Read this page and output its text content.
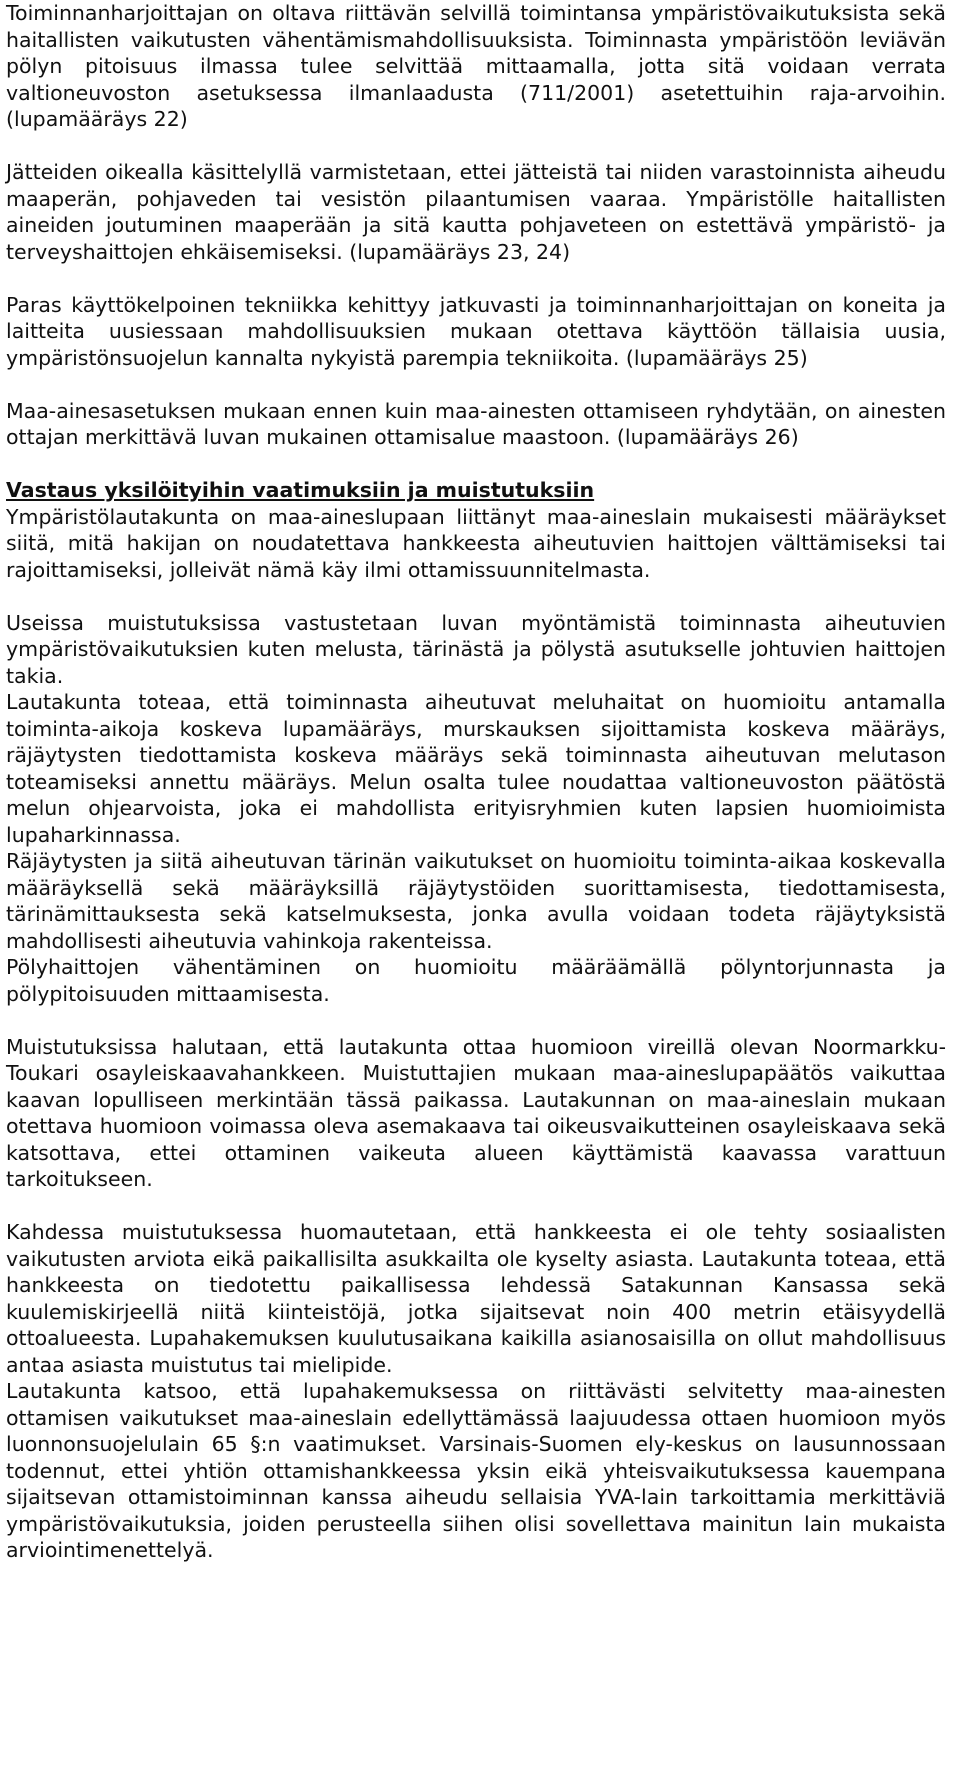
Toiminnanharjoittajan on oltava riittävän selvillä toimintansa ympäristövaikutuksista sekä haitallisten vaikutusten vähentämismahdollisuuksista. Toiminnasta ympäristöön leviävän pölyn pitoisuus ilmassa tulee selvittää mittaamalla, jotta sitä voidaan verrata valtioneuvoston asetuksessa ilmanlaadusta (711/2001) asetettuihin raja-arvoihin. (lupamääräys 22)

Jätteiden oikealla käsittelyllä varmistetaan, ettei jätteistä tai niiden varastoinnista aiheudu maaperän, pohjaveden tai vesistön pilaantumisen vaaraa. Ympäristölle haitallisten aineiden joutuminen maaperään ja sitä kautta pohjaveteen on estettävä ympäristö- ja terveyshaittojen ehkäisemiseksi. (lupamääräys 23, 24)

Paras käyttökelpoinen tekniikka kehittyy jatkuvasti ja toiminnanharjoittajan on koneita ja laitteita uusiessaan mahdollisuuksien mukaan otettava käyttöön tällaisia uusia, ympäristönsuojelun kannalta nykyistä parempia tekniikoita. (lupamääräys 25)

Maa-ainesasetuksen mukaan ennen kuin maa-ainesten ottamiseen ryhdytään, on ainesten ottajan merkittävä luvan mukainen ottamisalue maastoon. (lupamääräys 26)

Vastaus yksilöityihin vaatimuksiin ja muistutuksiin

Ympäristölautakunta on maa-aineslupaan liittänyt maa-aineslain mukaisesti määräykset siitä, mitä hakijan on noudatettava hankkeesta aiheutuvien haittojen välttämiseksi tai rajoittamiseksi, jolleivät nämä käy ilmi ottamissuunnitelmasta.

Useissa muistutuksissa vastustetaan luvan myöntämistä toiminnasta aiheutuvien ympäristövaikutuksien kuten melusta, tärinästä ja pölystä asutukselle johtuvien haittojen takia.

Lautakunta toteaa, että toiminnasta aiheutuvat meluhaitat on huomioitu antamalla toiminta-aikoja koskeva lupamääräys, murskauksen sijoittamista koskeva määräys, räjäytysten tiedottamista koskeva määräys sekä toiminnasta aiheutuvan melutason toteamiseksi annettu määräys. Melun osalta tulee noudattaa valtioneuvoston päätöstä melun ohjearvoista, joka ei mahdollista erityisryhmien kuten lapsien huomioimista lupaharkinnassa.

Räjäytysten ja siitä aiheutuvan tärinän vaikutukset on huomioitu toiminta-aikaa koskevalla määräyksellä sekä määräyksillä räjäytystöiden suorittamisesta, tiedottamisesta, tärinämittauksesta sekä katselmuksesta, jonka avulla voidaan todeta räjäytyksistä mahdollisesti aiheutuvia vahinkoja rakenteissa.

Pölyhaittojen vähentäminen on huomioitu määräämällä pölyntorjunnasta ja pölypitoisuuden mittaamisesta.

Muistutuksissa halutaan, että lautakunta ottaa huomioon vireillä olevan Noormarkku-Toukari osayleiskaavahankkeen. Muistuttajien mukaan maa-aineslupapäätös vaikuttaa kaavan lopulliseen merkintään tässä paikassa. Lautakunnan on maa-aineslain mukaan otettava huomioon voimassa oleva asemakaava tai oikeusvaikutteinen osayleiskaava sekä katsottava, ettei ottaminen vaikeuta alueen käyttämistä kaavassa varattuun tarkoitukseen.

Kahdessa muistutuksessa huomautetaan, että hankkeesta ei ole tehty sosiaalisten vaikutusten arviota eikä paikallisilta asukkailta ole kyselty asiasta. Lautakunta toteaa, että hankkeesta on tiedotettu paikallisessa lehdessä Satakunnan Kansassa sekä kuulemiskirjeellä niitä kiinteistöjä, jotka sijaitsevat noin 400 metrin etäisyydellä ottoalueesta. Lupahakemuksen kuulutusaikana kaikilla asianosaisilla on ollut mahdollisuus antaa asiasta muistutus tai mielipide.

Lautakunta katsoo, että lupahakemuksessa on riittävästi selvitetty maa-ainesten ottamisen vaikutukset maa-aineslain edellyttämässä laajuudessa ottaen huomioon myös luonnonsuojelulain 65 §:n vaatimukset. Varsinais-Suomen ely-keskus on lausunnossaan todennut, ettei yhtiön ottamishankkeessa yksin eikä yhteisvaikutuksessa kauempana sijaitsevan ottamistoiminnan kanssa aiheudu sellaisia YVA-lain tarkoittamia merkittäviä ympäristövaikutuksia, joiden perusteella siihen olisi sovellettava mainitun lain mukaista arviointimenettelyä.
